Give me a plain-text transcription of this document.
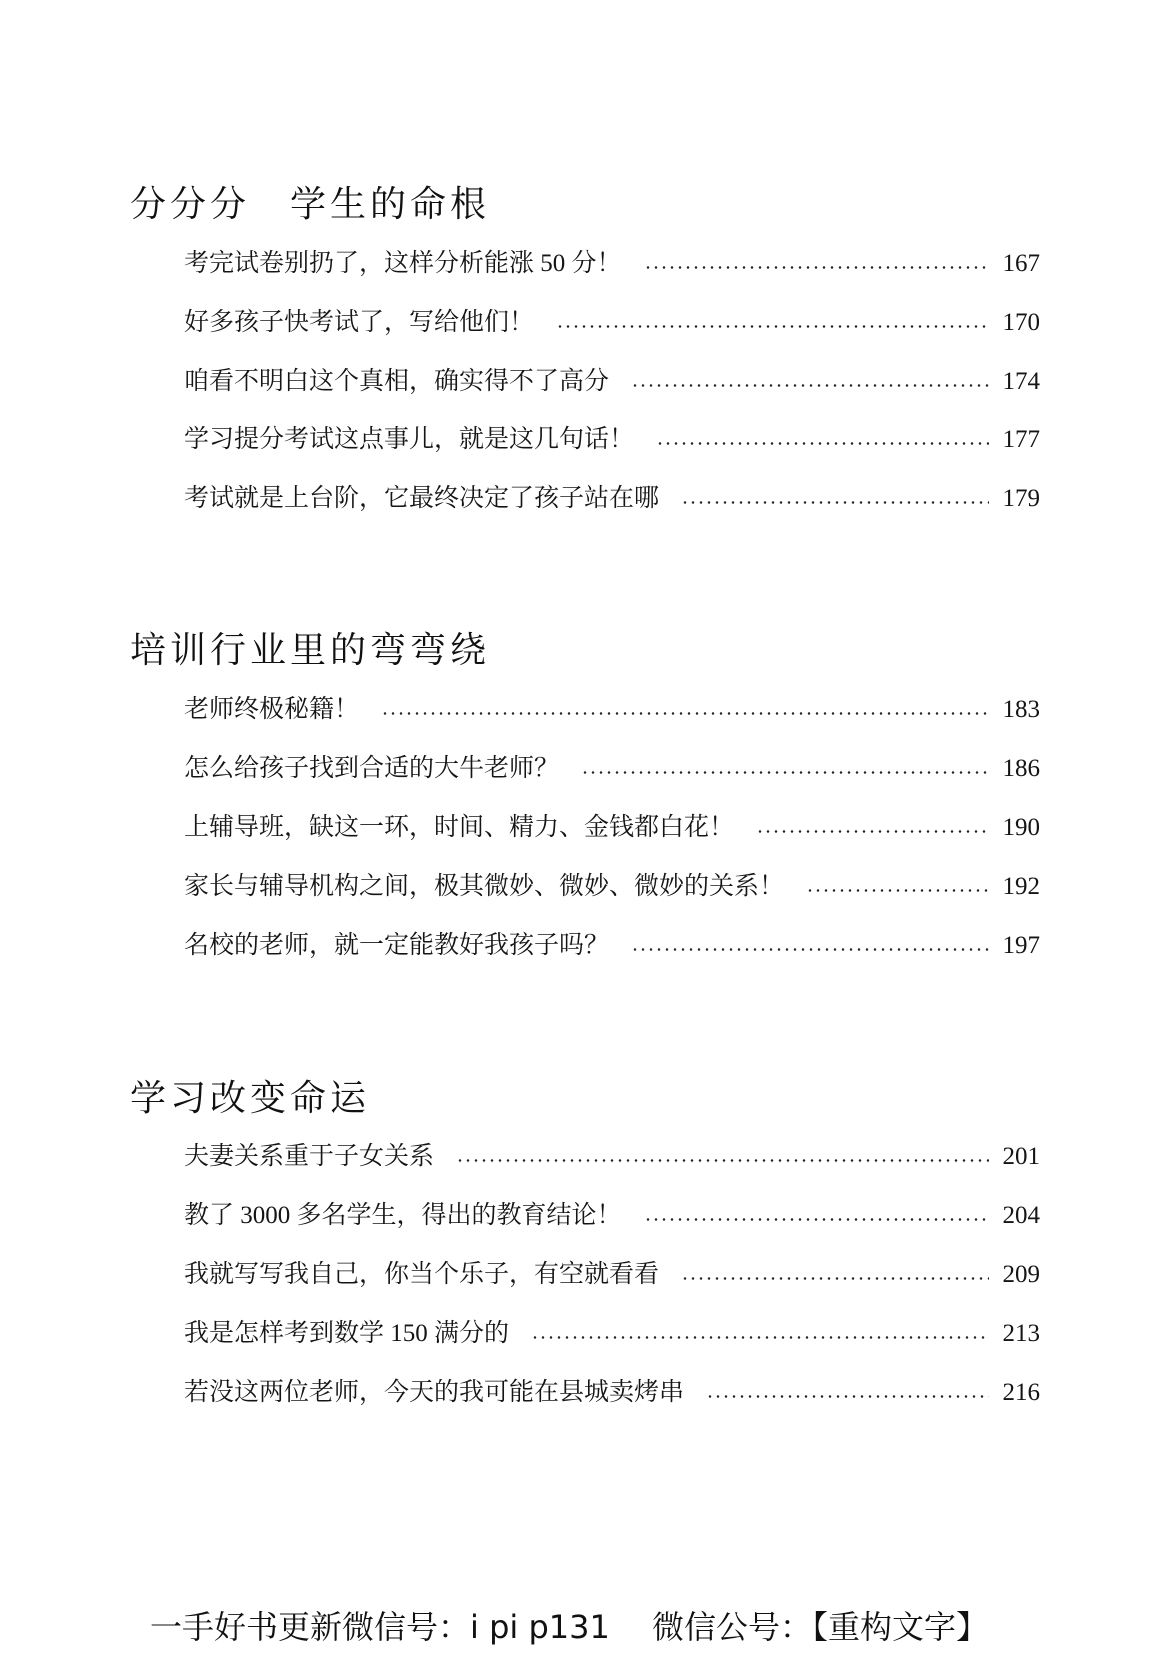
分分分　学生的命根
考完试卷别扔了，这样分析能涨 50 分！	167
好多孩子快考试了，写给他们！	170
咱看不明白这个真相，确实得不了高分	174
学习提分考试这点事儿，就是这几句话！	177
考试就是上台阶，它最终决定了孩子站在哪	179
培训行业里的弯弯绕
老师终极秘籍！	183
怎么给孩子找到合适的大牛老师？	186
上辅导班，缺这一环，时间、精力、金钱都白花！	190
家长与辅导机构之间，极其微妙、微妙、微妙的关系！	192
名校的老师，就一定能教好我孩子吗？	197
学习改变命运
夫妻关系重于子女关系	201
教了 3000 多名学生，得出的教育结论！	204
我就写写我自己，你当个乐子，有空就看看	209
我是怎样考到数学 150 满分的	213
若没这两位老师，今天的我可能在县城卖烤串	216
一手好书更新微信号：i pi p131　 微信公号：【重构文字】
